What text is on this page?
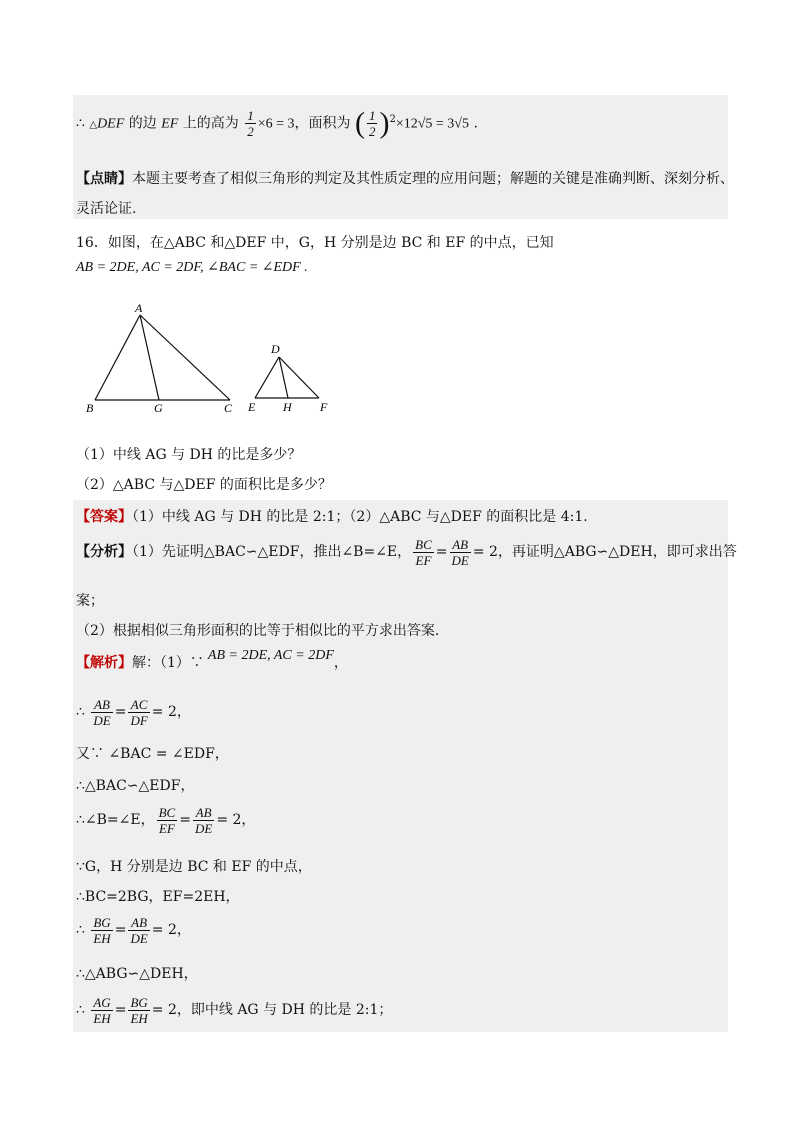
∴ △DEF 的边 EF 上的高为 $\frac{1}{2} \times 6 = 3$，面积为 ( $\frac{1}{2} )^2\times 12√5 = 3√5$ .
【点睛】本题主要考查了相似三角形的判定及其性质定理的应用问题；解题的关键是准确判断、深刻分析、
灵活论证.
16．如图，在△ABC 和△DEF 中，G，H 分别是边 BC 和 EF 的中点，已知
AB = 2DE, AC = 2DF, ∠BAC = ∠EDF .
A
B	G	C
D
E H F
（1）中线 AG 与 DH 的比是多少？
（2）△ABC 与△DEF 的面积比是多少？
【答案】（1）中线 AG 与 DH 的比是 2:1；（2）△ABC 与△DEF 的面积比是 4:1.
【分析】（1）先证明△BAC∽△EDF，推出∠B=∠E， $\frac{BC}{EF} = \frac{AB}{DE} = 2$，再证明△ABG∽△DEH，即可求出答
案；
（2）根据相似三角形面积的比等于相似比的平方求出答案.
【解析】解：（1）∵ AB = 2DE, AC = 2DF，
∴ $\frac{AB}{DE} = \frac{AC}{DF} = 2$，
又∵ ∠BAC = ∠EDF，
∴△BAC∽△EDF，
∴∠B=∠E， $\frac{BC}{EF} = \frac{AB}{DE} = 2$，
∵G，H 分别是边 BC 和 EF 的中点，
∴BC=2BG，EF=2EH，
∴ $\frac{BG}{EH} = \frac{AB}{DE} = 2$，
∴△ABG∽△DEH，
∴ $\frac{AG}{EH} = \frac{BG}{EH} = 2$，即中线 AG 与 DH 的比是 2:1；
